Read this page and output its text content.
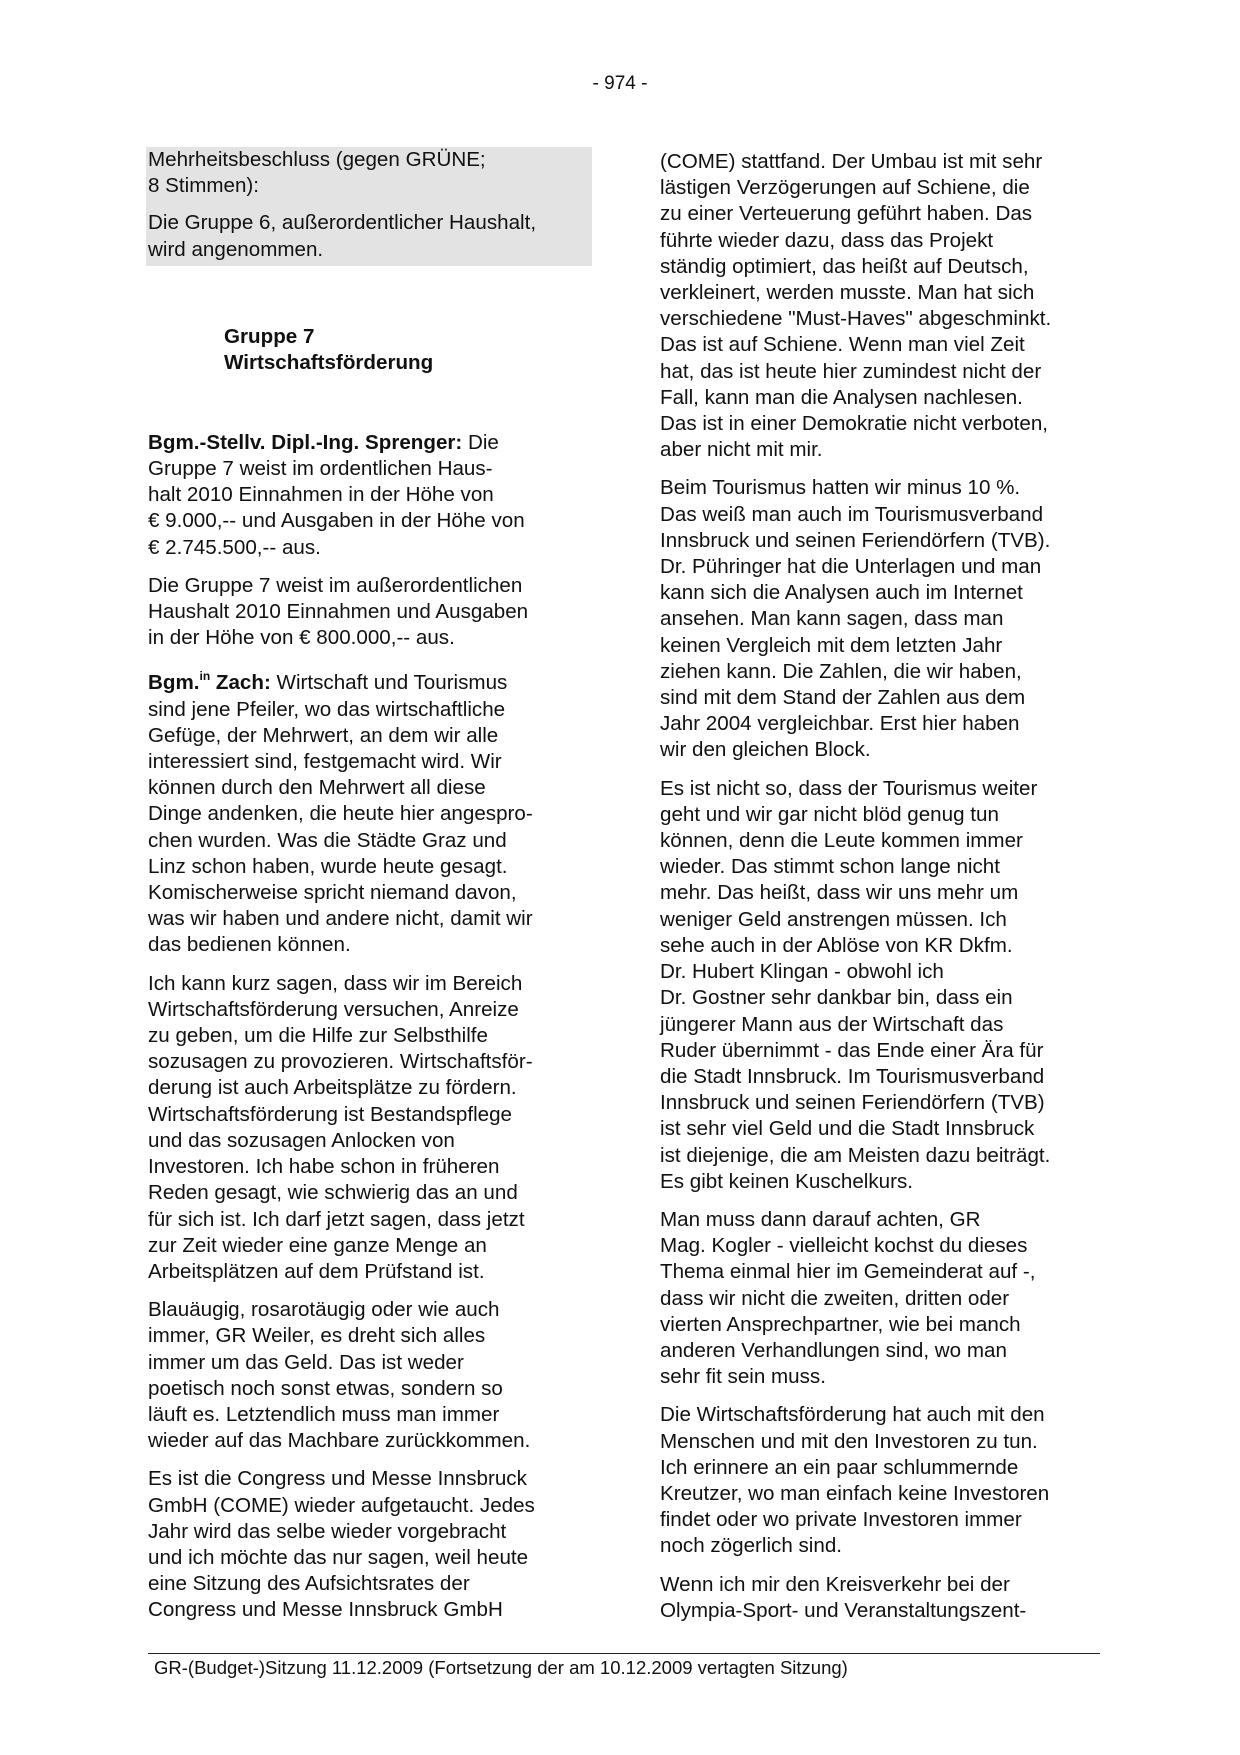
- 974 -

Mehrheitsbeschluss (gegen GRÜNE;
8 Stimmen):

Die Gruppe 6, außerordentlicher Haushalt,
wird angenommen.

Gruppe 7
Wirtschaftsförderung

Bgm.-Stellv. Dipl.-Ing. Sprenger: Die
Gruppe 7 weist im ordentlichen Haus-
halt 2010 Einnahmen in der Höhe von
€ 9.000,-- und Ausgaben in der Höhe von
€ 2.745.500,-- aus.

Die Gruppe 7 weist im außerordentlichen
Haushalt 2010 Einnahmen und Ausgaben
in der Höhe von € 800.000,-- aus.

Bgm.$^{in}$ Zach: Wirtschaft und Tourismus
sind jene Pfeiler, wo das wirtschaftliche
Gefüge, der Mehrwert, an dem wir alle
interessiert sind, festgemacht wird. Wir
können durch den Mehrwert all diese
Dinge andenken, die heute hier angespro-
chen wurden. Was die Städte Graz und
Linz schon haben, wurde heute gesagt.
Komischerweise spricht niemand davon,
was wir haben und andere nicht, damit wir
das bedienen können.

Ich kann kurz sagen, dass wir im Bereich
Wirtschaftsförderung versuchen, Anreize
zu geben, um die Hilfe zur Selbsthilfe
sozusagen zu provozieren. Wirtschaftsför-
derung ist auch Arbeitsplätze zu fördern.
Wirtschaftsförderung ist Bestandspflege
und das sozusagen Anlocken von
Investoren. Ich habe schon in früheren
Reden gesagt, wie schwierig das an und
für sich ist. Ich darf jetzt sagen, dass jetzt
zur Zeit wieder eine ganze Menge an
Arbeitsplätzen auf dem Prüfstand ist.

Blauäugig, rosarotäugig oder wie auch
immer, GR Weiler, es dreht sich alles
immer um das Geld. Das ist weder
poetisch noch sonst etwas, sondern so
läuft es. Letztendlich muss man immer
wieder auf das Machbare zurückkommen.

Es ist die Congress und Messe Innsbruck
GmbH (COME) wieder aufgetaucht. Jedes
Jahr wird das selbe wieder vorgebracht
und ich möchte das nur sagen, weil heute
eine Sitzung des Aufsichtsrates der
Congress und Messe Innsbruck GmbH

(COME) stattfand. Der Umbau ist mit sehr
lästigen Verzögerungen auf Schiene, die
zu einer Verteuerung geführt haben. Das
führte wieder dazu, dass das Projekt
ständig optimiert, das heißt auf Deutsch,
verkleinert, werden musste. Man hat sich
verschiedene "Must-Haves" abgeschminkt.
Das ist auf Schiene. Wenn man viel Zeit
hat, das ist heute hier zumindest nicht der
Fall, kann man die Analysen nachlesen.
Das ist in einer Demokratie nicht verboten,
aber nicht mit mir.

Beim Tourismus hatten wir minus 10 %.
Das weiß man auch im Tourismusverband
Innsbruck und seinen Feriendörfern (TVB).
Dr. Pühringer hat die Unterlagen und man
kann sich die Analysen auch im Internet
ansehen. Man kann sagen, dass man
keinen Vergleich mit dem letzten Jahr
ziehen kann. Die Zahlen, die wir haben,
sind mit dem Stand der Zahlen aus dem
Jahr 2004 vergleichbar. Erst hier haben
wir den gleichen Block.

Es ist nicht so, dass der Tourismus weiter
geht und wir gar nicht blöd genug tun
können, denn die Leute kommen immer
wieder. Das stimmt schon lange nicht
mehr. Das heißt, dass wir uns mehr um
weniger Geld anstrengen müssen. Ich
sehe auch in der Ablöse von KR Dkfm.
Dr. Hubert Klingan - obwohl ich
Dr. Gostner sehr dankbar bin, dass ein
jüngerer Mann aus der Wirtschaft das
Ruder übernimmt - das Ende einer Ära für
die Stadt Innsbruck. Im Tourismusverband
Innsbruck und seinen Feriendörfern (TVB)
ist sehr viel Geld und die Stadt Innsbruck
ist diejenige, die am Meisten dazu beiträgt.
Es gibt keinen Kuschelkurs.

Man muss dann darauf achten, GR
Mag. Kogler - vielleicht kochst du dieses
Thema einmal hier im Gemeinderat auf -,
dass wir nicht die zweiten, dritten oder
vierten Ansprechpartner, wie bei manch
anderen Verhandlungen sind, wo man
sehr fit sein muss.

Die Wirtschaftsförderung hat auch mit den
Menschen und mit den Investoren zu tun.
Ich erinnere an ein paar schlummernde
Kreutzer, wo man einfach keine Investoren
findet oder wo private Investoren immer
noch zögerlich sind.

Wenn ich mir den Kreisverkehr bei der
Olympia-Sport- und Veranstaltungszent-

GR-(Budget-)Sitzung 11.12.2009 (Fortsetzung der am 10.12.2009 vertagten Sitzung)
